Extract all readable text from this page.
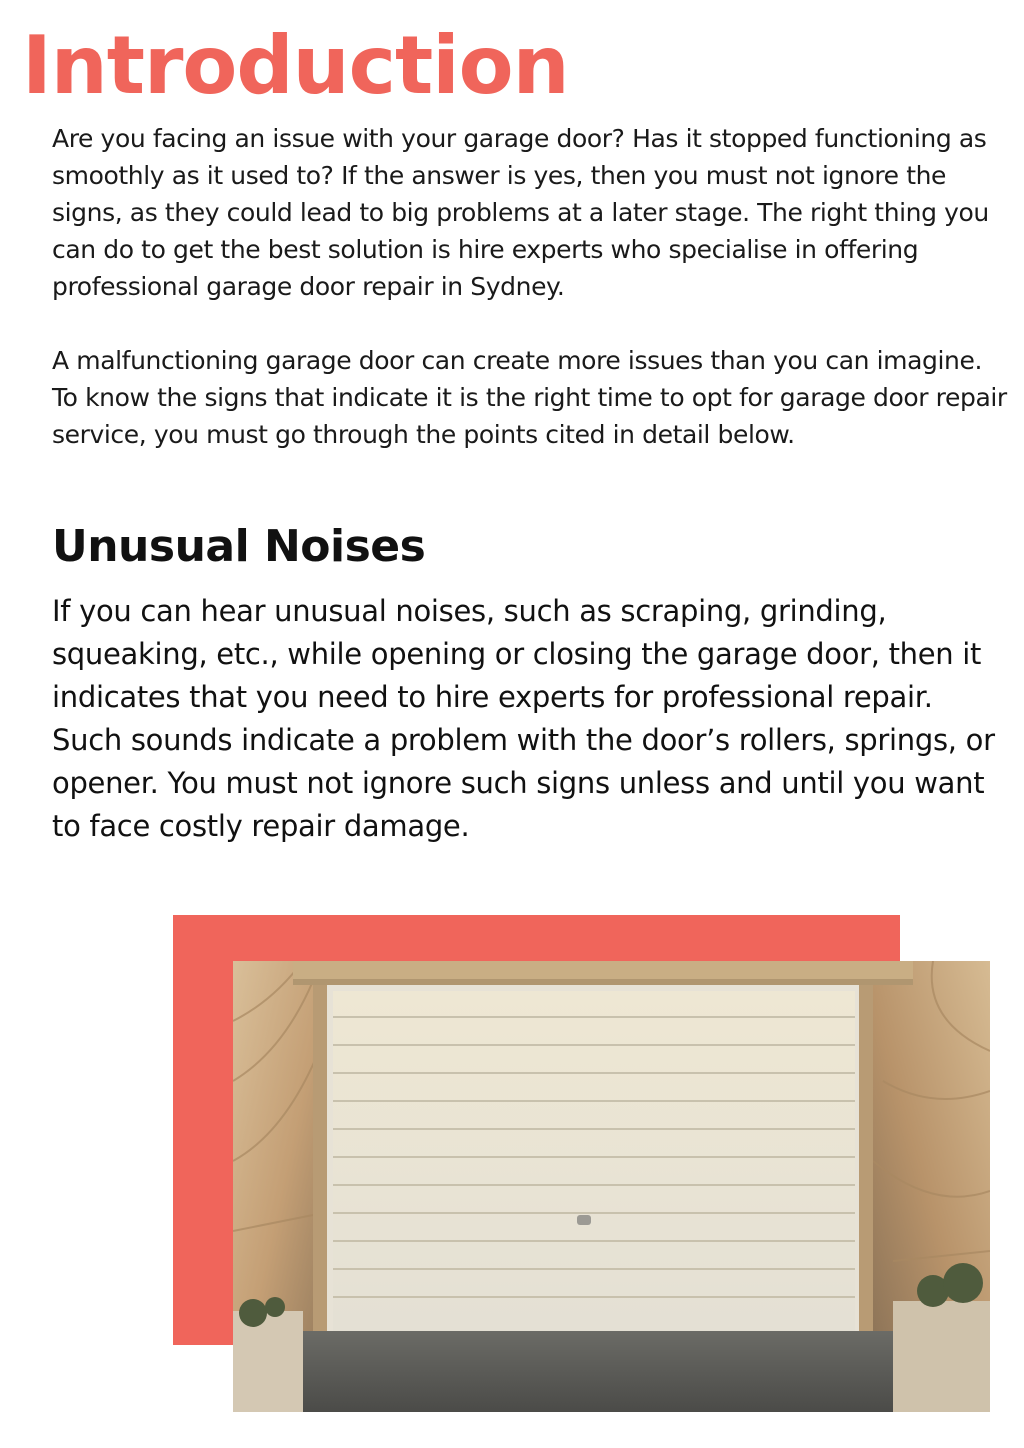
Introduction

Are you facing an issue with your garage door? Has it stopped functioning as smoothly as it used to? If the answer is yes, then you must not ignore the signs, as they could lead to big problems at a later stage. The right thing you can do to get the best solution is hire experts who specialise in offering professional garage door repair in Sydney.

A malfunctioning garage door can create more issues than you can imagine. To know the signs that indicate it is the right time to opt for garage door repair service, you must go through the points cited in detail below.

Unusual Noises

If you can hear unusual noises, such as scraping, grinding, squeaking, etc., while opening or closing the garage door, then it indicates that you need to hire experts for professional repair. Such sounds indicate a problem with the door’s rollers, springs, or opener. You must not ignore such signs unless and until you want to face costly repair damage.
